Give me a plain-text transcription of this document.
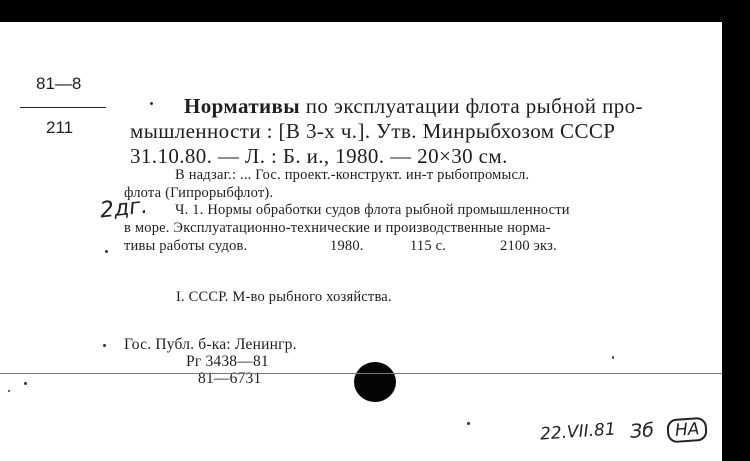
81—8
211
Нормативы по эксплуатации флота рыбной про-
мышленности : [В 3-х ч.]. Утв. Минрыбхозом СССР
31.10.80. — Л. : Б. и., 1980. — 20×30 см.
В надзаг.: ... Гос. проект.-конструкт. ин-т рыбопромысл.
флота (Гипрорыбфлот).
2дг. Ч. 1. Нормы обработки судов флота рыбной промышленности
в море. Эксплуатационно-технические и производственные норма-
тивы работы судов.	1980.	115 с.	2100 экз.
I. СССР. М-во рыбного хозяйства.
Гос. Публ. б-ка: Ленингр.
Рг 3438—81
81—6731
22.VII.81 Зб	НА
